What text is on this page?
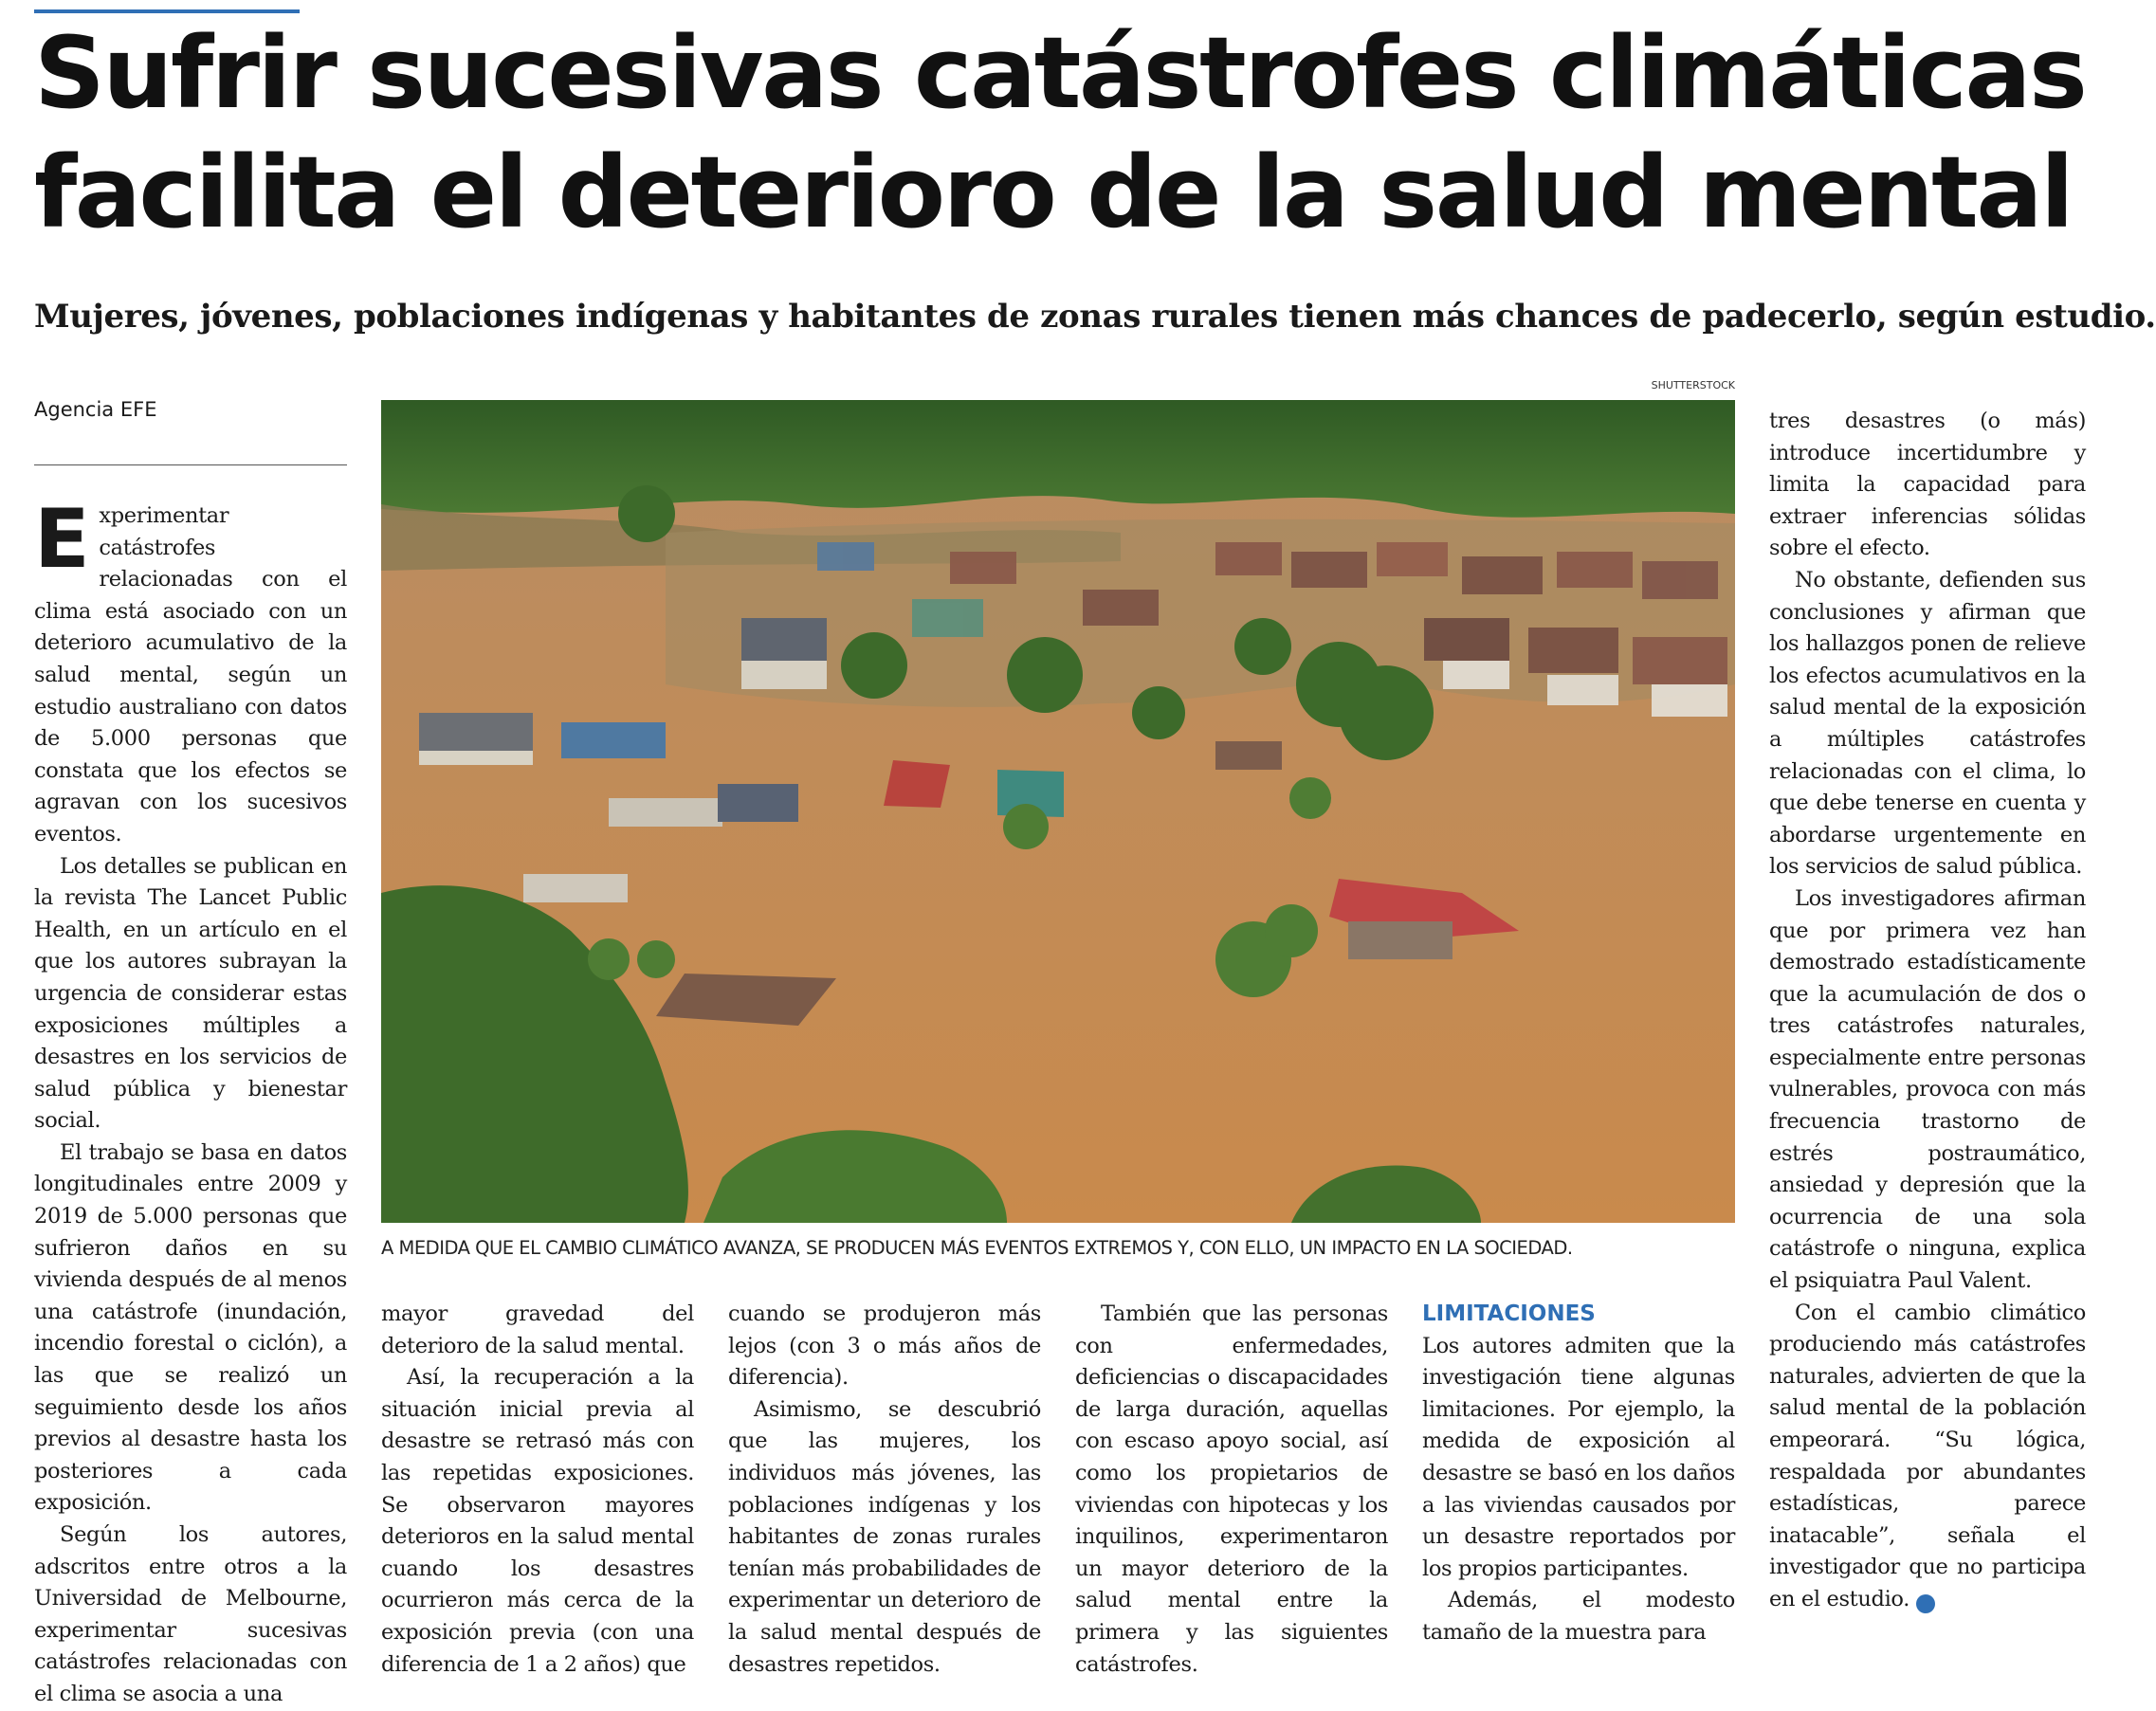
Sufrir sucesivas catástrofes climáticas
facilita el deterioro de la salud mental
Mujeres, jóvenes, poblaciones indígenas y habitantes de zonas rurales tienen más chances de padecerlo, según estudio.
Agencia EFE
SHUTTERSTOCK

Experimentar catástrofes relacionadas con el clima está asociado con un deterioro acumulativo de la salud mental, según un estudio australiano con datos de 5.000 personas que constata que los efectos se agravan con los sucesivos eventos.

Los detalles se publican en la revista The Lancet Public Health, en un artículo en el que los autores subrayan la urgencia de considerar estas exposiciones múltiples a desastres en los servicios de salud pública y bienestar social.

El trabajo se basa en datos longitudinales entre 2009 y 2019 de 5.000 personas que sufrieron daños en su vivienda después de al menos una catástrofe (inundación, incendio forestal o ciclón), a las que se realizó un seguimiento desde los años previos al desastre hasta los posteriores a cada exposición.

Según los autores, adscritos entre otros a la Universidad de Melbourne, experimentar sucesivas catástrofes relacionadas con el clima se asocia a una

A MEDIDA QUE EL CAMBIO CLIMÁTICO AVANZA, SE PRODUCEN MÁS EVENTOS EXTREMOS Y, CON ELLO, UN IMPACTO EN LA SOCIEDAD.

mayor gravedad del deterioro de la salud mental.

Así, la recuperación a la situación inicial previa al desastre se retrasó más con las repetidas exposiciones. Se observaron mayores deterioros en la salud mental cuando los desastres ocurrieron más cerca de la exposición previa (con una diferencia de 1 a 2 años) que

cuando se produjeron más lejos (con 3 o más años de diferencia).

Asimismo, se descubrió que las mujeres, los individuos más jóvenes, las poblaciones indígenas y los habitantes de zonas rurales tenían más probabilidades de experimentar un deterioro de la salud mental después de desastres repetidos.

También que las personas con enfermedades, deficiencias o discapacidades de larga duración, aquellas con escaso apoyo social, así como los propietarios de viviendas con hipotecas y los inquilinos, experimentaron un mayor deterioro de la salud mental entre la primera y las siguientes catástrofes.

LIMITACIONES

Los autores admiten que la investigación tiene algunas limitaciones. Por ejemplo, la medida de exposición al desastre se basó en los daños a las viviendas causados por un desastre reportados por los propios participantes.

Además, el modesto tamaño de la muestra para

tres desastres (o más) introduce incertidumbre y limita la capacidad para extraer inferencias sólidas sobre el efecto.

No obstante, defienden sus conclusiones y afirman que los hallazgos ponen de relieve los efectos acumulativos en la salud mental de la exposición a múltiples catástrofes relacionadas con el clima, lo que debe tenerse en cuenta y abordarse urgentemente en los servicios de salud pública.

Los investigadores afirman que por primera vez han demostrado estadísticamente que la acumulación de dos o tres catástrofes naturales, especialmente entre personas vulnerables, provoca con más frecuencia trastorno de estrés postraumático, ansiedad y depresión que la ocurrencia de una sola catástrofe o ninguna, explica el psiquiatra Paul Valent.

Con el cambio climático produciendo más catástrofes naturales, advierten de que la salud mental de la población empeorará. “Su lógica, respaldada por abundantes estadísticas, parece inatacable”, señala el investigador que no participa en el estudio. ✪
